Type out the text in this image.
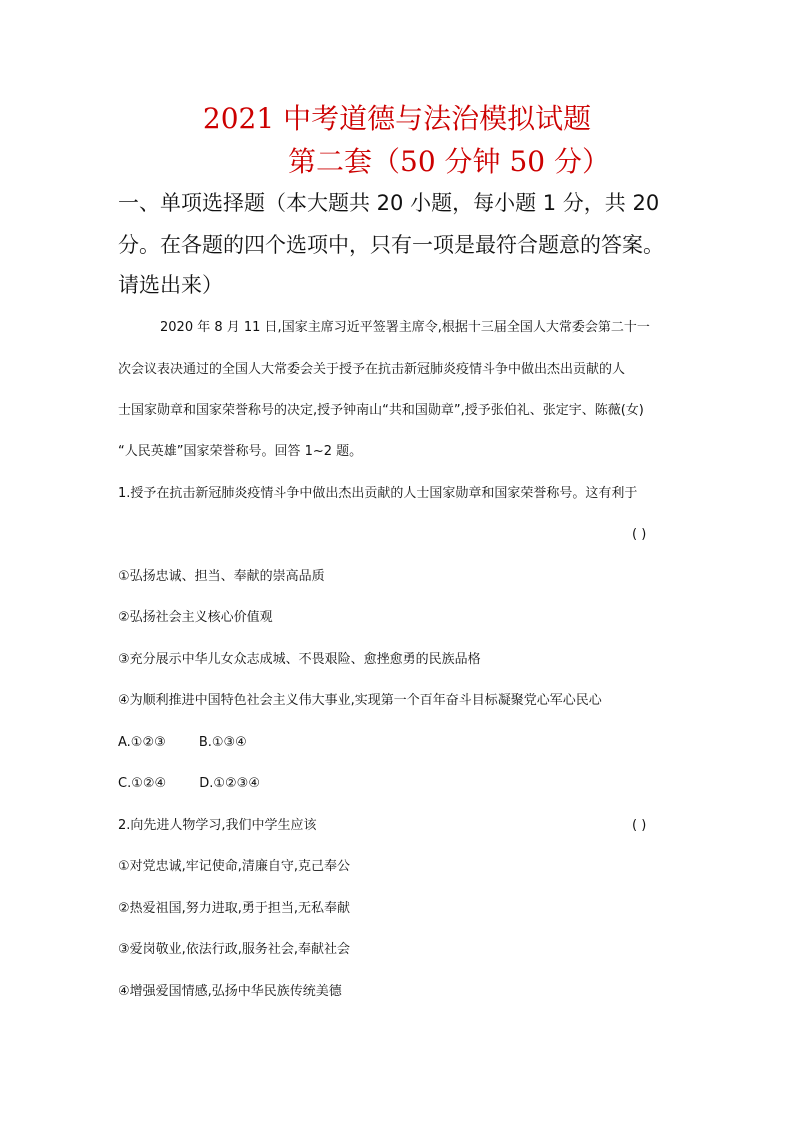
2021 中考道德与法治模拟试题
第二套（50 分钟 50 分）
一、单项选择题（本大题共 20 小题，每小题 1 分，共 20
分。在各题的四个选项中，只有一项是最符合题意的答案。
请选出来）
2020 年 8 月 11 日,国家主席习近平签署主席令,根据十三届全国人大常委会第二十一
次会议表决通过的全国人大常委会关于授予在抗击新冠肺炎疫情斗争中做出杰出贡献的人
士国家勋章和国家荣誉称号的决定,授予钟南山“共和国勋章”,授予张伯礼、张定宇、陈薇(女)
“人民英雄”国家荣誉称号。回答 1~2 题。
1.授予在抗击新冠肺炎疫情斗争中做出杰出贡献的人士国家勋章和国家荣誉称号。这有利于
( )
①弘扬忠诚、担当、奉献的崇高品质
②弘扬社会主义核心价值观
③充分展示中华儿女众志成城、不畏艰险、愈挫愈勇的民族品格
④为顺利推进中国特色社会主义伟大事业,实现第一个百年奋斗目标凝聚党心军心民心
A.①②③        B.①③④
C.①②④        D.①②③④
2.向先进人物学习,我们中学生应该	( )
①对党忠诚,牢记使命,清廉自守,克己奉公
②热爱祖国,努力进取,勇于担当,无私奉献
③爱岗敬业,依法行政,服务社会,奉献社会
④增强爱国情感,弘扬中华民族传统美德
